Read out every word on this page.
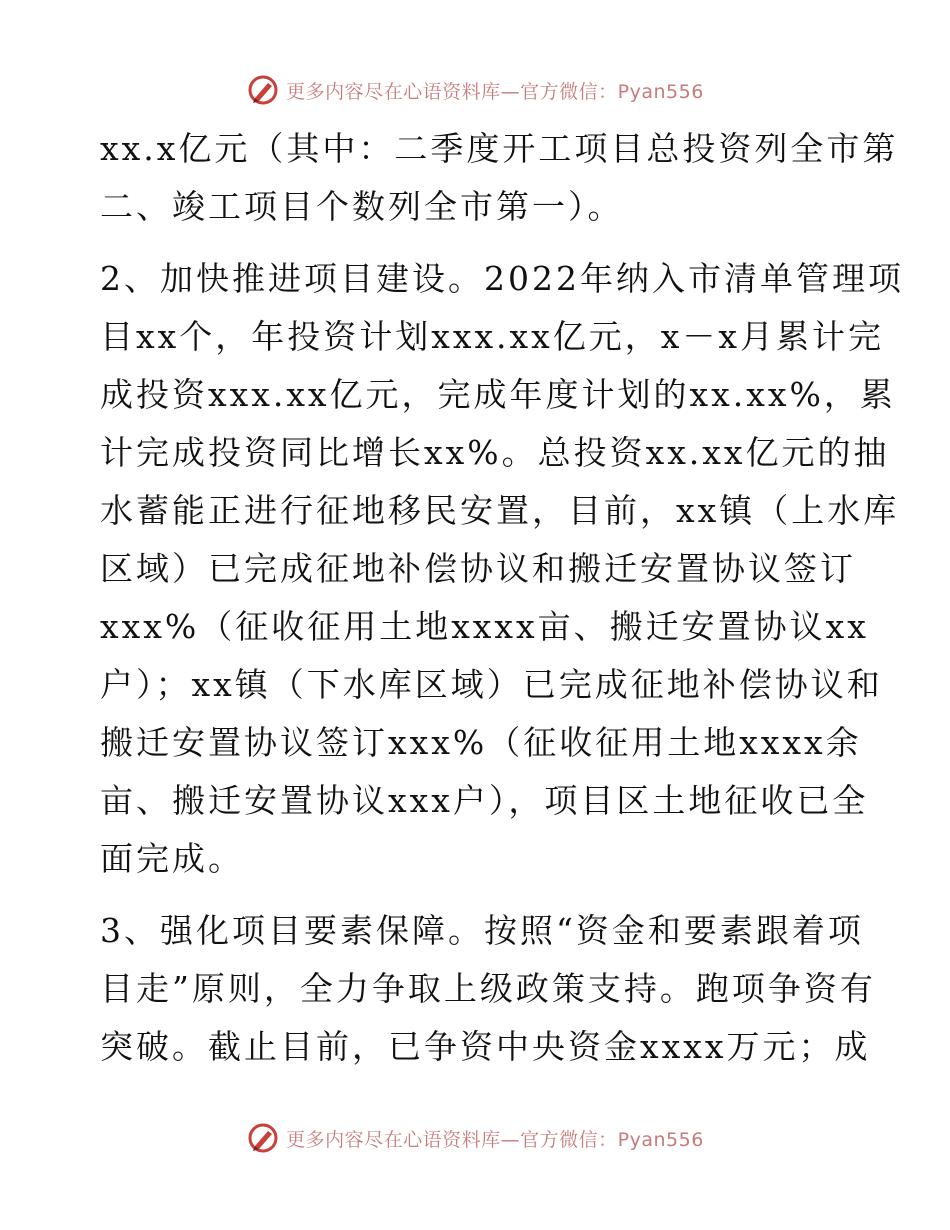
更多内容尽在心语资料库—官方微信：Pyan556
xx.x亿元（其中：二季度开工项目总投资列全市第
二、竣工项目个数列全市第一）。
2、加快推进项目建设。2022年纳入市清单管理项
目xx个，年投资计划xxx.xx亿元，x－x月累计完
成投资xxx.xx亿元，完成年度计划的xx.xx%，累
计完成投资同比增长xx%。总投资xx.xx亿元的抽
水蓄能正进行征地移民安置，目前，xx镇（上水库
区域）已完成征地补偿协议和搬迁安置协议签订
xxx%（征收征用土地xxxx亩、搬迁安置协议xx
户）；xx镇（下水库区域）已完成征地补偿协议和
搬迁安置协议签订xxx%（征收征用土地xxxx余
亩、搬迁安置协议xxx户），项目区土地征收已全
面完成。
3、强化项目要素保障。按照“资金和要素跟着项
目走”原则，全力争取上级政策支持。跑项争资有
突破。截止目前，已争资中央资金xxxx万元；成
更多内容尽在心语资料库—官方微信：Pyan556
